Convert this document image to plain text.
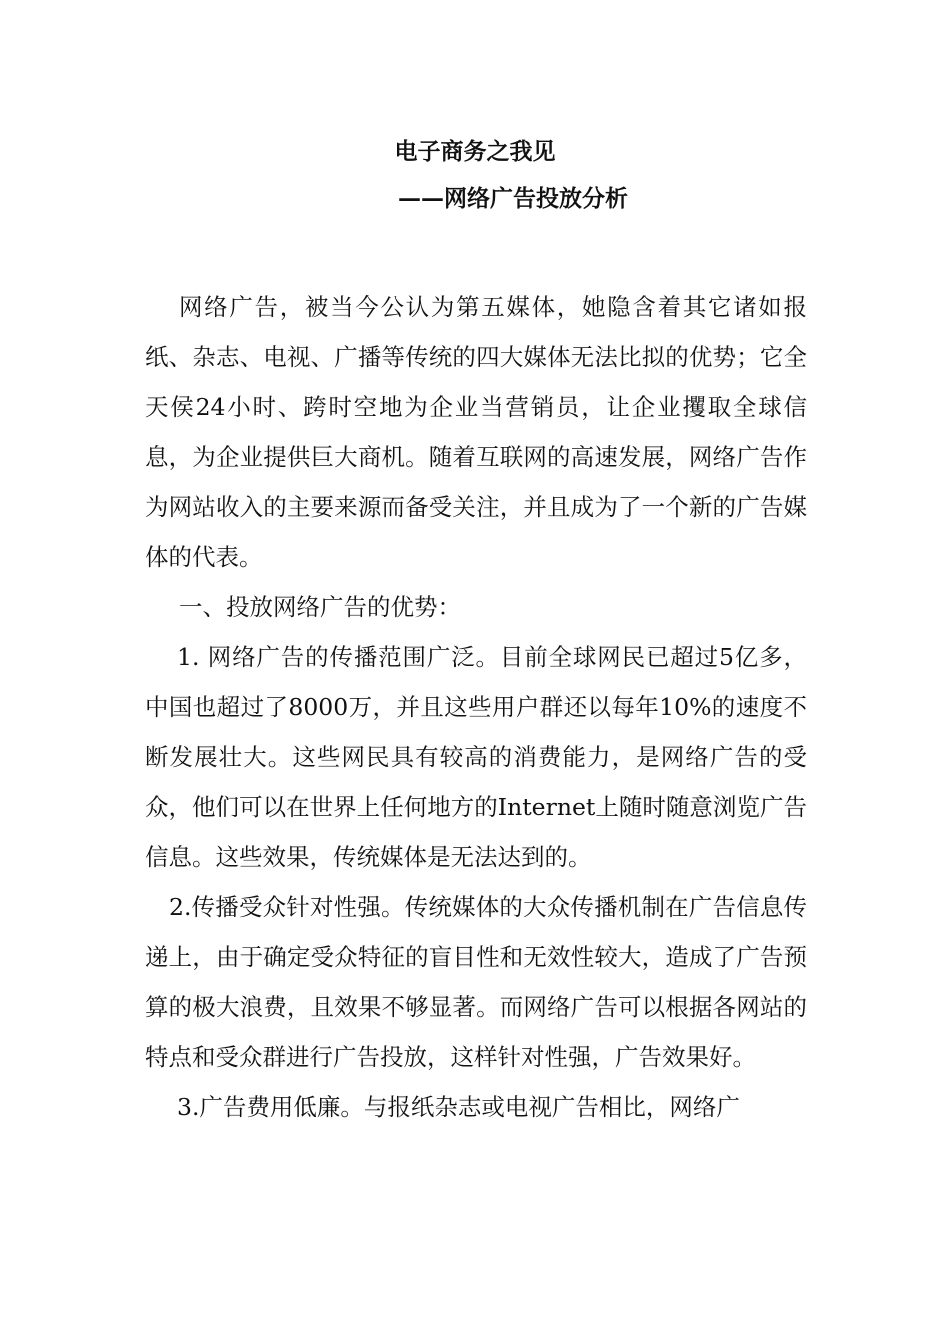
电子商务之我见
——网络广告投放分析

网络广告，被当今公认为第五媒体，她隐含着其它诸如报纸、杂志、电视、广播等传统的四大媒体无法比拟的优势；它全天侯24小时、跨时空地为企业当营销员，让企业攫取全球信息，为企业提供巨大商机。随着互联网的高速发展，网络广告作为网站收入的主要来源而备受关注，并且成为了一个新的广告媒体的代表。

一、投放网络广告的优势：

1. 网络广告的传播范围广泛。目前全球网民已超过5亿多，中国也超过了8000万，并且这些用户群还以每年10%的速度不断发展壮大。这些网民具有较高的消费能力，是网络广告的受众，他们可以在世界上任何地方的Internet上随时随意浏览广告信息。这些效果，传统媒体是无法达到的。

2.传播受众针对性强。传统媒体的大众传播机制在广告信息传递上，由于确定受众特征的盲目性和无效性较大，造成了广告预算的极大浪费，且效果不够显著。而网络广告可以根据各网站的特点和受众群进行广告投放，这样针对性强，广告效果好。

3.广告费用低廉。与报纸杂志或电视广告相比，网络广
